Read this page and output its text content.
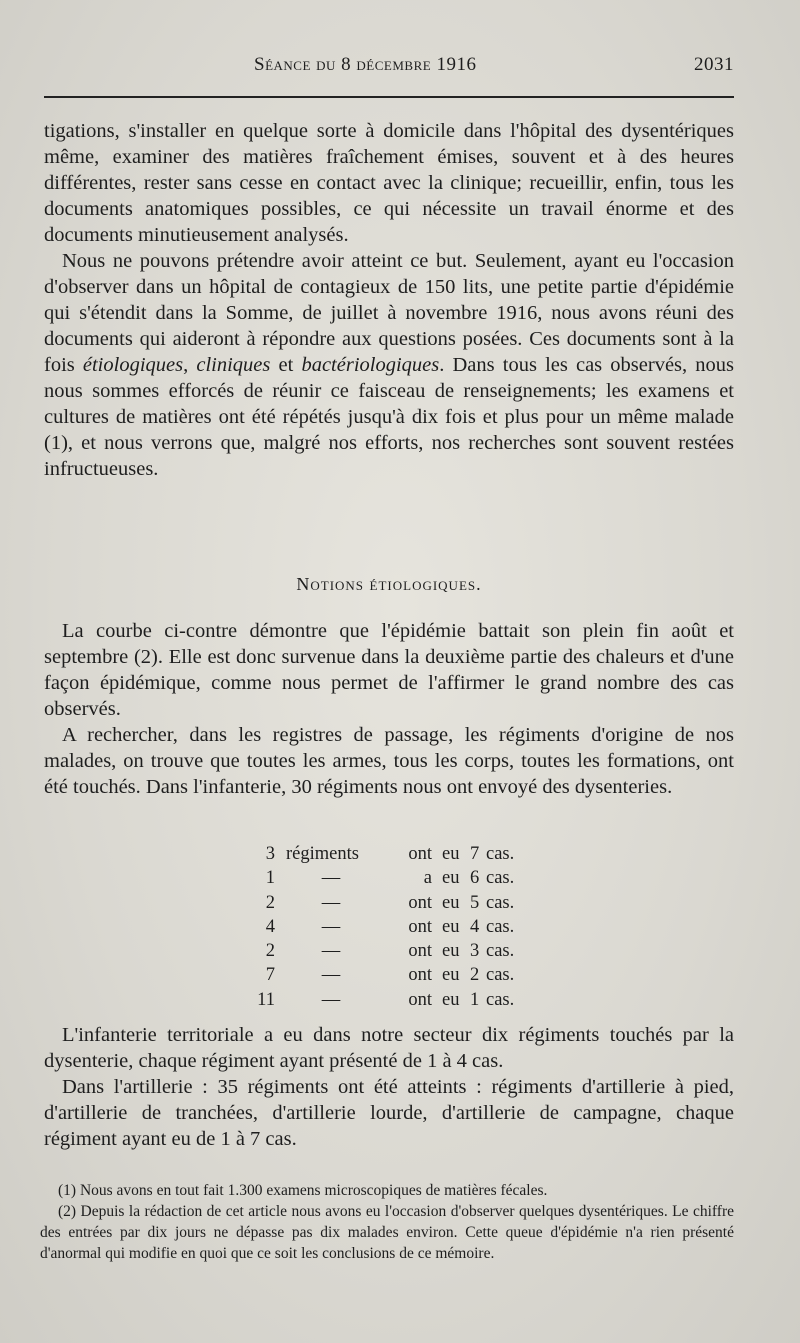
Séance du 8 décembre 1916	2031

tigations, s'installer en quelque sorte à domicile dans l'hôpital des dysentériques même, examiner des matières fraîchement émises, souvent et à des heures différentes, rester sans cesse en contact avec la clinique; recueillir, enfin, tous les documents anatomiques possibles, ce qui nécessite un travail énorme et des documents minutieusement analysés.

Nous ne pouvons prétendre avoir atteint ce but. Seulement, ayant eu l'occasion d'observer dans un hôpital de contagieux de 150 lits, une petite partie d'épidémie qui s'étendit dans la Somme, de juillet à novembre 1916, nous avons réuni des documents qui aideront à répondre aux questions posées. Ces documents sont à la fois étiologiques, cliniques et bactériologiques. Dans tous les cas observés, nous nous sommes efforcés de réunir ce faisceau de renseignements; les examens et cultures de matières ont été répétés jusqu'à dix fois et plus pour un même malade (1), et nous verrons que, malgré nos efforts, nos recherches sont souvent restées infructueuses.

Notions étiologiques.

La courbe ci-contre démontre que l'épidémie battait son plein fin août et septembre (2). Elle est donc survenue dans la deuxième partie des chaleurs et d'une façon épidémique, comme nous permet de l'affirmer le grand nombre des cas observés.

A rechercher, dans les registres de passage, les régiments d'origine de nos malades, on trouve que toutes les armes, tous les corps, toutes les formations, ont été touchés. Dans l'infanterie, 30 régiments nous ont envoyé des dysenteries.

3 régiments	ont eu 7 cas.
1	—	a eu 6 cas.
2	—	ont eu 5 cas.
4	—	ont eu 4 cas.
2	—	ont eu 3 cas.
7	—	ont eu 2 cas.
11	—	ont eu 1 cas.

L'infanterie territoriale a eu dans notre secteur dix régiments touchés par la dysenterie, chaque régiment ayant présenté de 1 à 4 cas.

Dans l'artillerie : 35 régiments ont été atteints : régiments d'artillerie à pied, d'artillerie de tranchées, d'artillerie lourde, d'artillerie de campagne, chaque régiment ayant eu de 1 à 7 cas.

(1) Nous avons en tout fait 1.300 examens microscopiques de matières fécales.

(2) Depuis la rédaction de cet article nous avons eu l'occasion d'observer quelques dysentériques. Le chiffre des entrées par dix jours ne dépasse pas dix malades environ. Cette queue d'épidémie n'a rien présenté d'anormal qui modifie en quoi que ce soit les conclusions de ce mémoire.
